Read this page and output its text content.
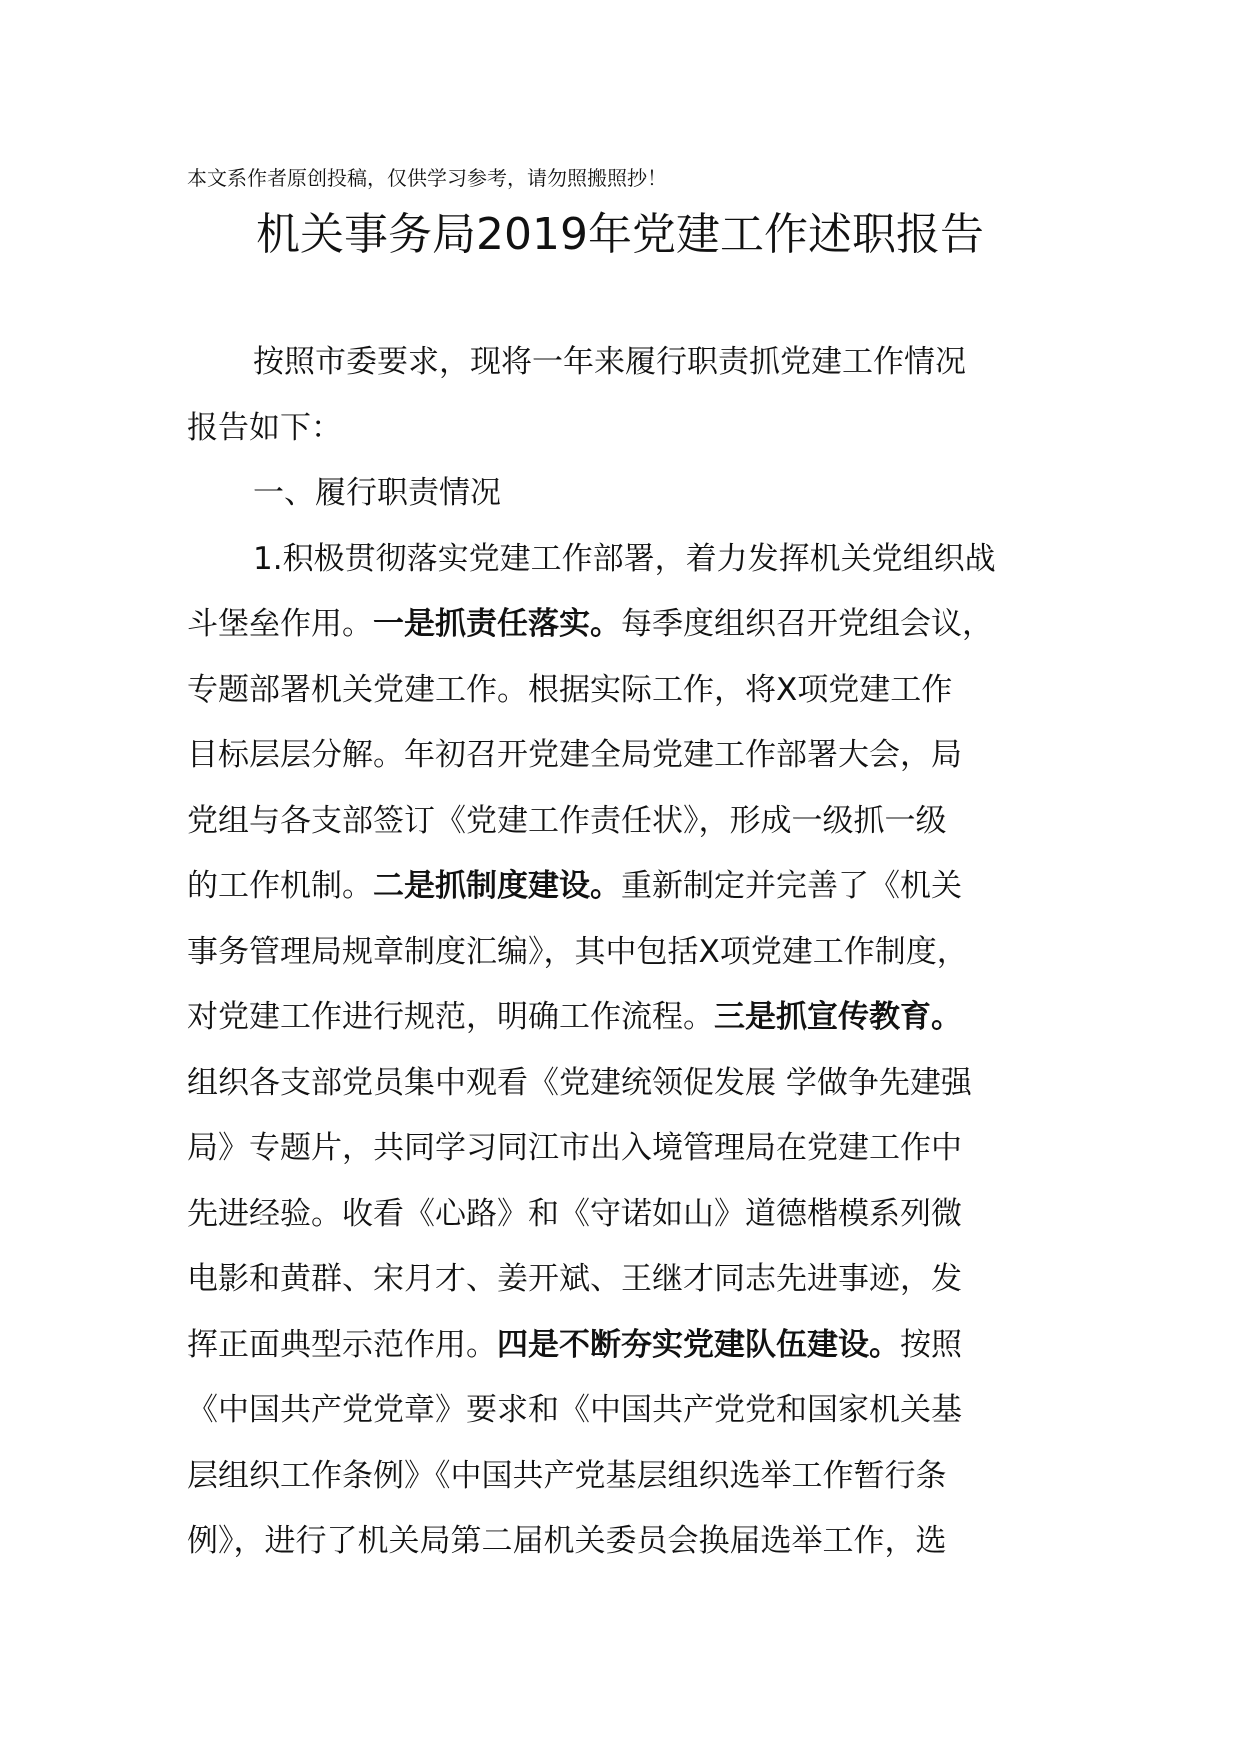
本文系作者原创投稿，仅供学习参考，请勿照搬照抄！
机关事务局2019年党建工作述职报告

按照市委要求，现将一年来履行职责抓党建工作情况

报告如下：

一、履行职责情况

1.积极贯彻落实党建工作部署，着力发挥机关党组织战

斗堡垒作用。一是抓责任落实。每季度组织召开党组会议，

专题部署机关党建工作。根据实际工作，将X项党建工作

目标层层分解。年初召开党建全局党建工作部署大会，局

党组与各支部签订《党建工作责任状》，形成一级抓一级

的工作机制。二是抓制度建设。重新制定并完善了《机关

事务管理局规章制度汇编》，其中包括X项党建工作制度，

对党建工作进行规范，明确工作流程。三是抓宣传教育。

组织各支部党员集中观看《党建统领促发展 学做争先建强

局》专题片，共同学习同江市出入境管理局在党建工作中

先进经验。收看《心路》和《守诺如山》道德楷模系列微

电影和黄群、宋月才、姜开斌、王继才同志先进事迹，发

挥正面典型示范作用。四是不断夯实党建队伍建设。按照

《中国共产党党章》要求和《中国共产党党和国家机关基

层组织工作条例》《中国共产党基层组织选举工作暂行条

例》，进行了机关局第二届机关委员会换届选举工作，选
